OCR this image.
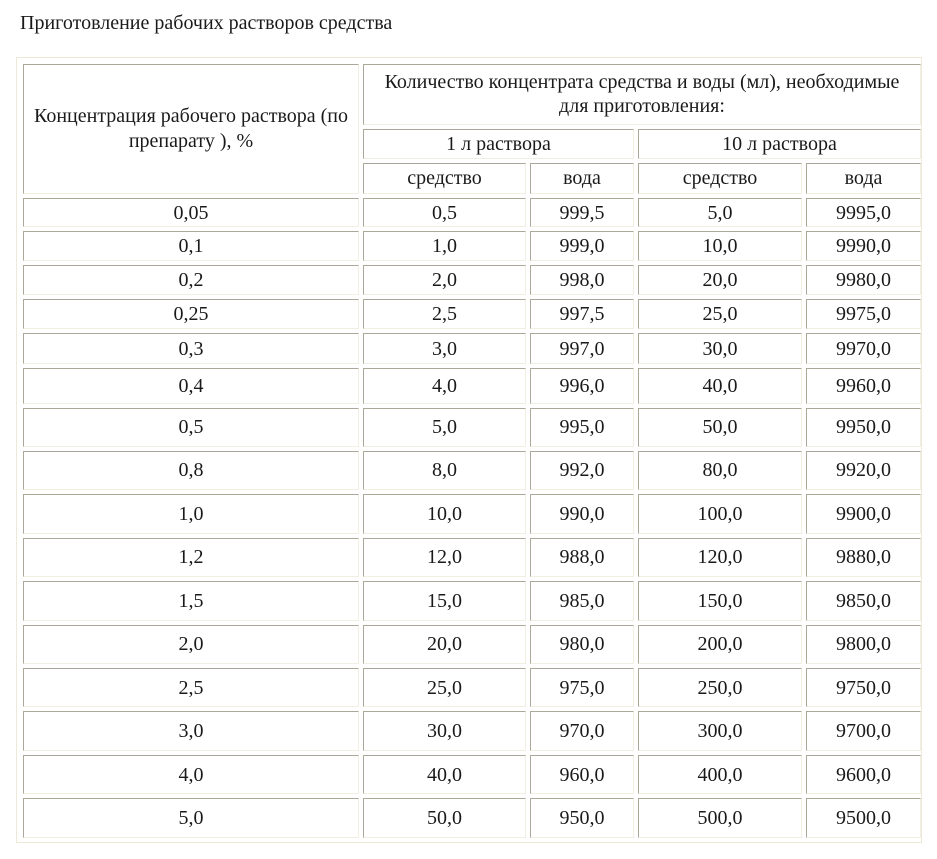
Приготовление рабочих растворов средства
Концентрация рабочего раствора (по препарату ), %	Количество концентрата средства и воды (мл), необходимые для приготовления:			
	1 л раствора		10 л раствора	
	средство	вода	средство	вода
0,05	0,5	999,5	5,0	9995,0
0,1	1,0	999,0	10,0	9990,0
0,2	2,0	998,0	20,0	9980,0
0,25	2,5	997,5	25,0	9975,0
0,3	3,0	997,0	30,0	9970,0
0,4	4,0	996,0	40,0	9960,0
0,5	5,0	995,0	50,0	9950,0
0,8	8,0	992,0	80,0	9920,0
1,0	10,0	990,0	100,0	9900,0
1,2	12,0	988,0	120,0	9880,0
1,5	15,0	985,0	150,0	9850,0
2,0	20,0	980,0	200,0	9800,0
2,5	25,0	975,0	250,0	9750,0
3,0	30,0	970,0	300,0	9700,0
4,0	40,0	960,0	400,0	9600,0
5,0	50,0	950,0	500,0	9500,0
